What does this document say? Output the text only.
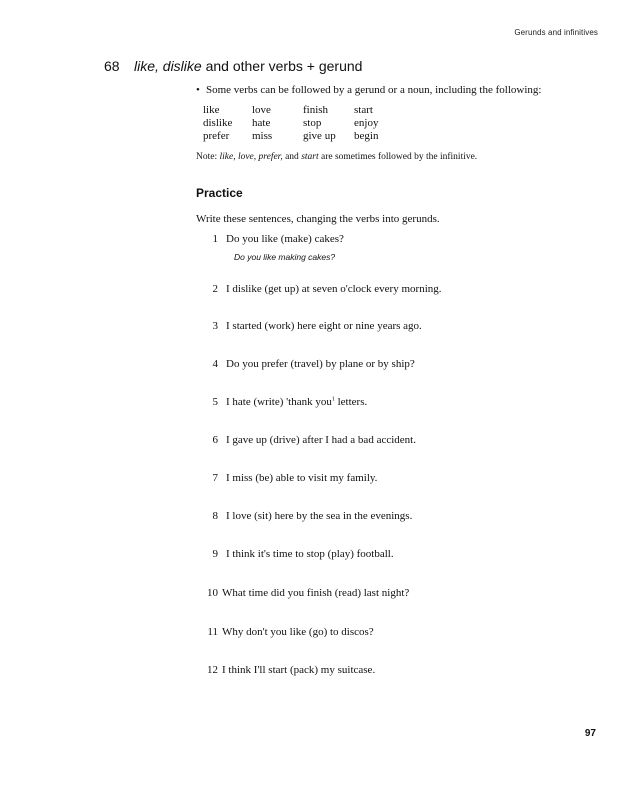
Gerunds and infinitives
68 like, dislike and other verbs + gerund
• Some verbs can be followed by a gerund or a noun, including the following:
like	love	finish	start
dislike	hate	stop	enjoy
prefer	miss	give up	begin
Note: like, love, prefer, and start are sometimes followed by the infinitive.
Practice
Write these sentences, changing the verbs into gerunds.
1 Do you like (make) cakes?
Do you like making cakes?
2 I dislike (get up) at seven o'clock every morning.
3 I started (work) here eight or nine years ago.
4 Do you prefer (travel) by plane or by ship?
5 I hate (write) 'thank you$^1$ letters.
6 I gave up (drive) after I had a bad accident.
7 I miss (be) able to visit my family.
8 I love (sit) here by the sea in the evenings.
9 I think it's time to stop (play) football.
10 What time did you finish (read) last night?
11 Why don't you like (go) to discos?
12 I think I'll start (pack) my suitcase.
97
